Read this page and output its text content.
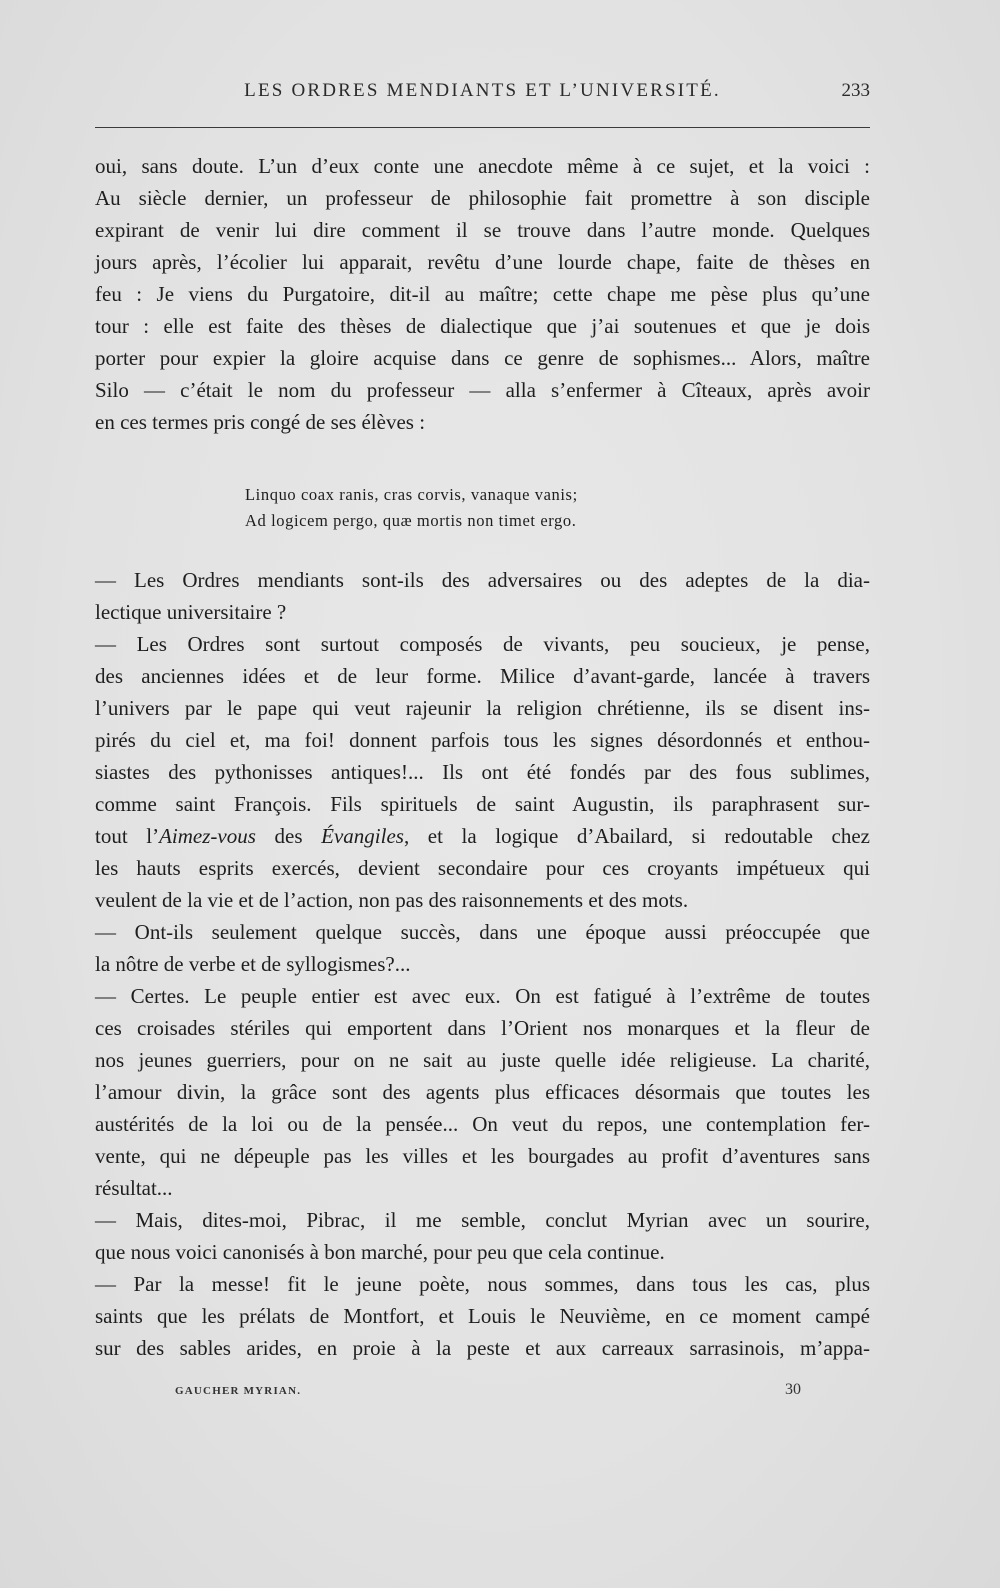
LES ORDRES MENDIANTS ET L’UNIVERSITÉ.	233
oui, sans doute. L’un d’eux conte une anecdote même à ce sujet, et la voici :
Au siècle dernier, un professeur de philosophie fait promettre à son disciple
expirant de venir lui dire comment il se trouve dans l’autre monde. Quelques
jours après, l’écolier lui apparait, revêtu d’une lourde chape, faite de thèses en
feu : Je viens du Purgatoire, dit-il au maître; cette chape me pèse plus qu’une
tour : elle est faite des thèses de dialectique que j’ai soutenues et que je dois
porter pour expier la gloire acquise dans ce genre de sophismes... Alors, maître
Silo — c’était le nom du professeur — alla s’enfermer à Cîteaux, après avoir
en ces termes pris congé de ses élèves :
Linquo coax ranis, cras corvis, vanaque vanis;
Ad logicem pergo, quæ mortis non timet ergo.
— Les Ordres mendiants sont-ils des adversaires ou des adeptes de la dia-
lectique universitaire ?
— Les Ordres sont surtout composés de vivants, peu soucieux, je pense,
des anciennes idées et de leur forme. Milice d’avant-garde, lancée à travers
l’univers par le pape qui veut rajeunir la religion chrétienne, ils se disent ins-
pirés du ciel et, ma foi! donnent parfois tous les signes désordonnés et enthou-
siastes des pythonisses antiques!... Ils ont été fondés par des fous sublimes,
comme saint François. Fils spirituels de saint Augustin, ils paraphrasent sur-
tout l’Aimez-vous des Évangiles, et la logique d’Abailard, si redoutable chez
les hauts esprits exercés, devient secondaire pour ces croyants impétueux qui
veulent de la vie et de l’action, non pas des raisonnements et des mots.
— Ont-ils seulement quelque succès, dans une époque aussi préoccupée que
la nôtre de verbe et de syllogismes?...
— Certes. Le peuple entier est avec eux. On est fatigué à l’extrême de toutes
ces croisades stériles qui emportent dans l’Orient nos monarques et la fleur de
nos jeunes guerriers, pour on ne sait au juste quelle idée religieuse. La charité,
l’amour divin, la grâce sont des agents plus efficaces désormais que toutes les
austérités de la loi ou de la pensée... On veut du repos, une contemplation fer-
vente, qui ne dépeuple pas les villes et les bourgades au profit d’aventures sans
résultat...
— Mais, dites-moi, Pibrac, il me semble, conclut Myrian avec un sourire,
que nous voici canonisés à bon marché, pour peu que cela continue.
— Par la messe! fit le jeune poète, nous sommes, dans tous les cas, plus
saints que les prélats de Montfort, et Louis le Neuvième, en ce moment campé
sur des sables arides, en proie à la peste et aux carreaux sarrasinois, m’appa-
GAUCHER MYRIAN.	30
